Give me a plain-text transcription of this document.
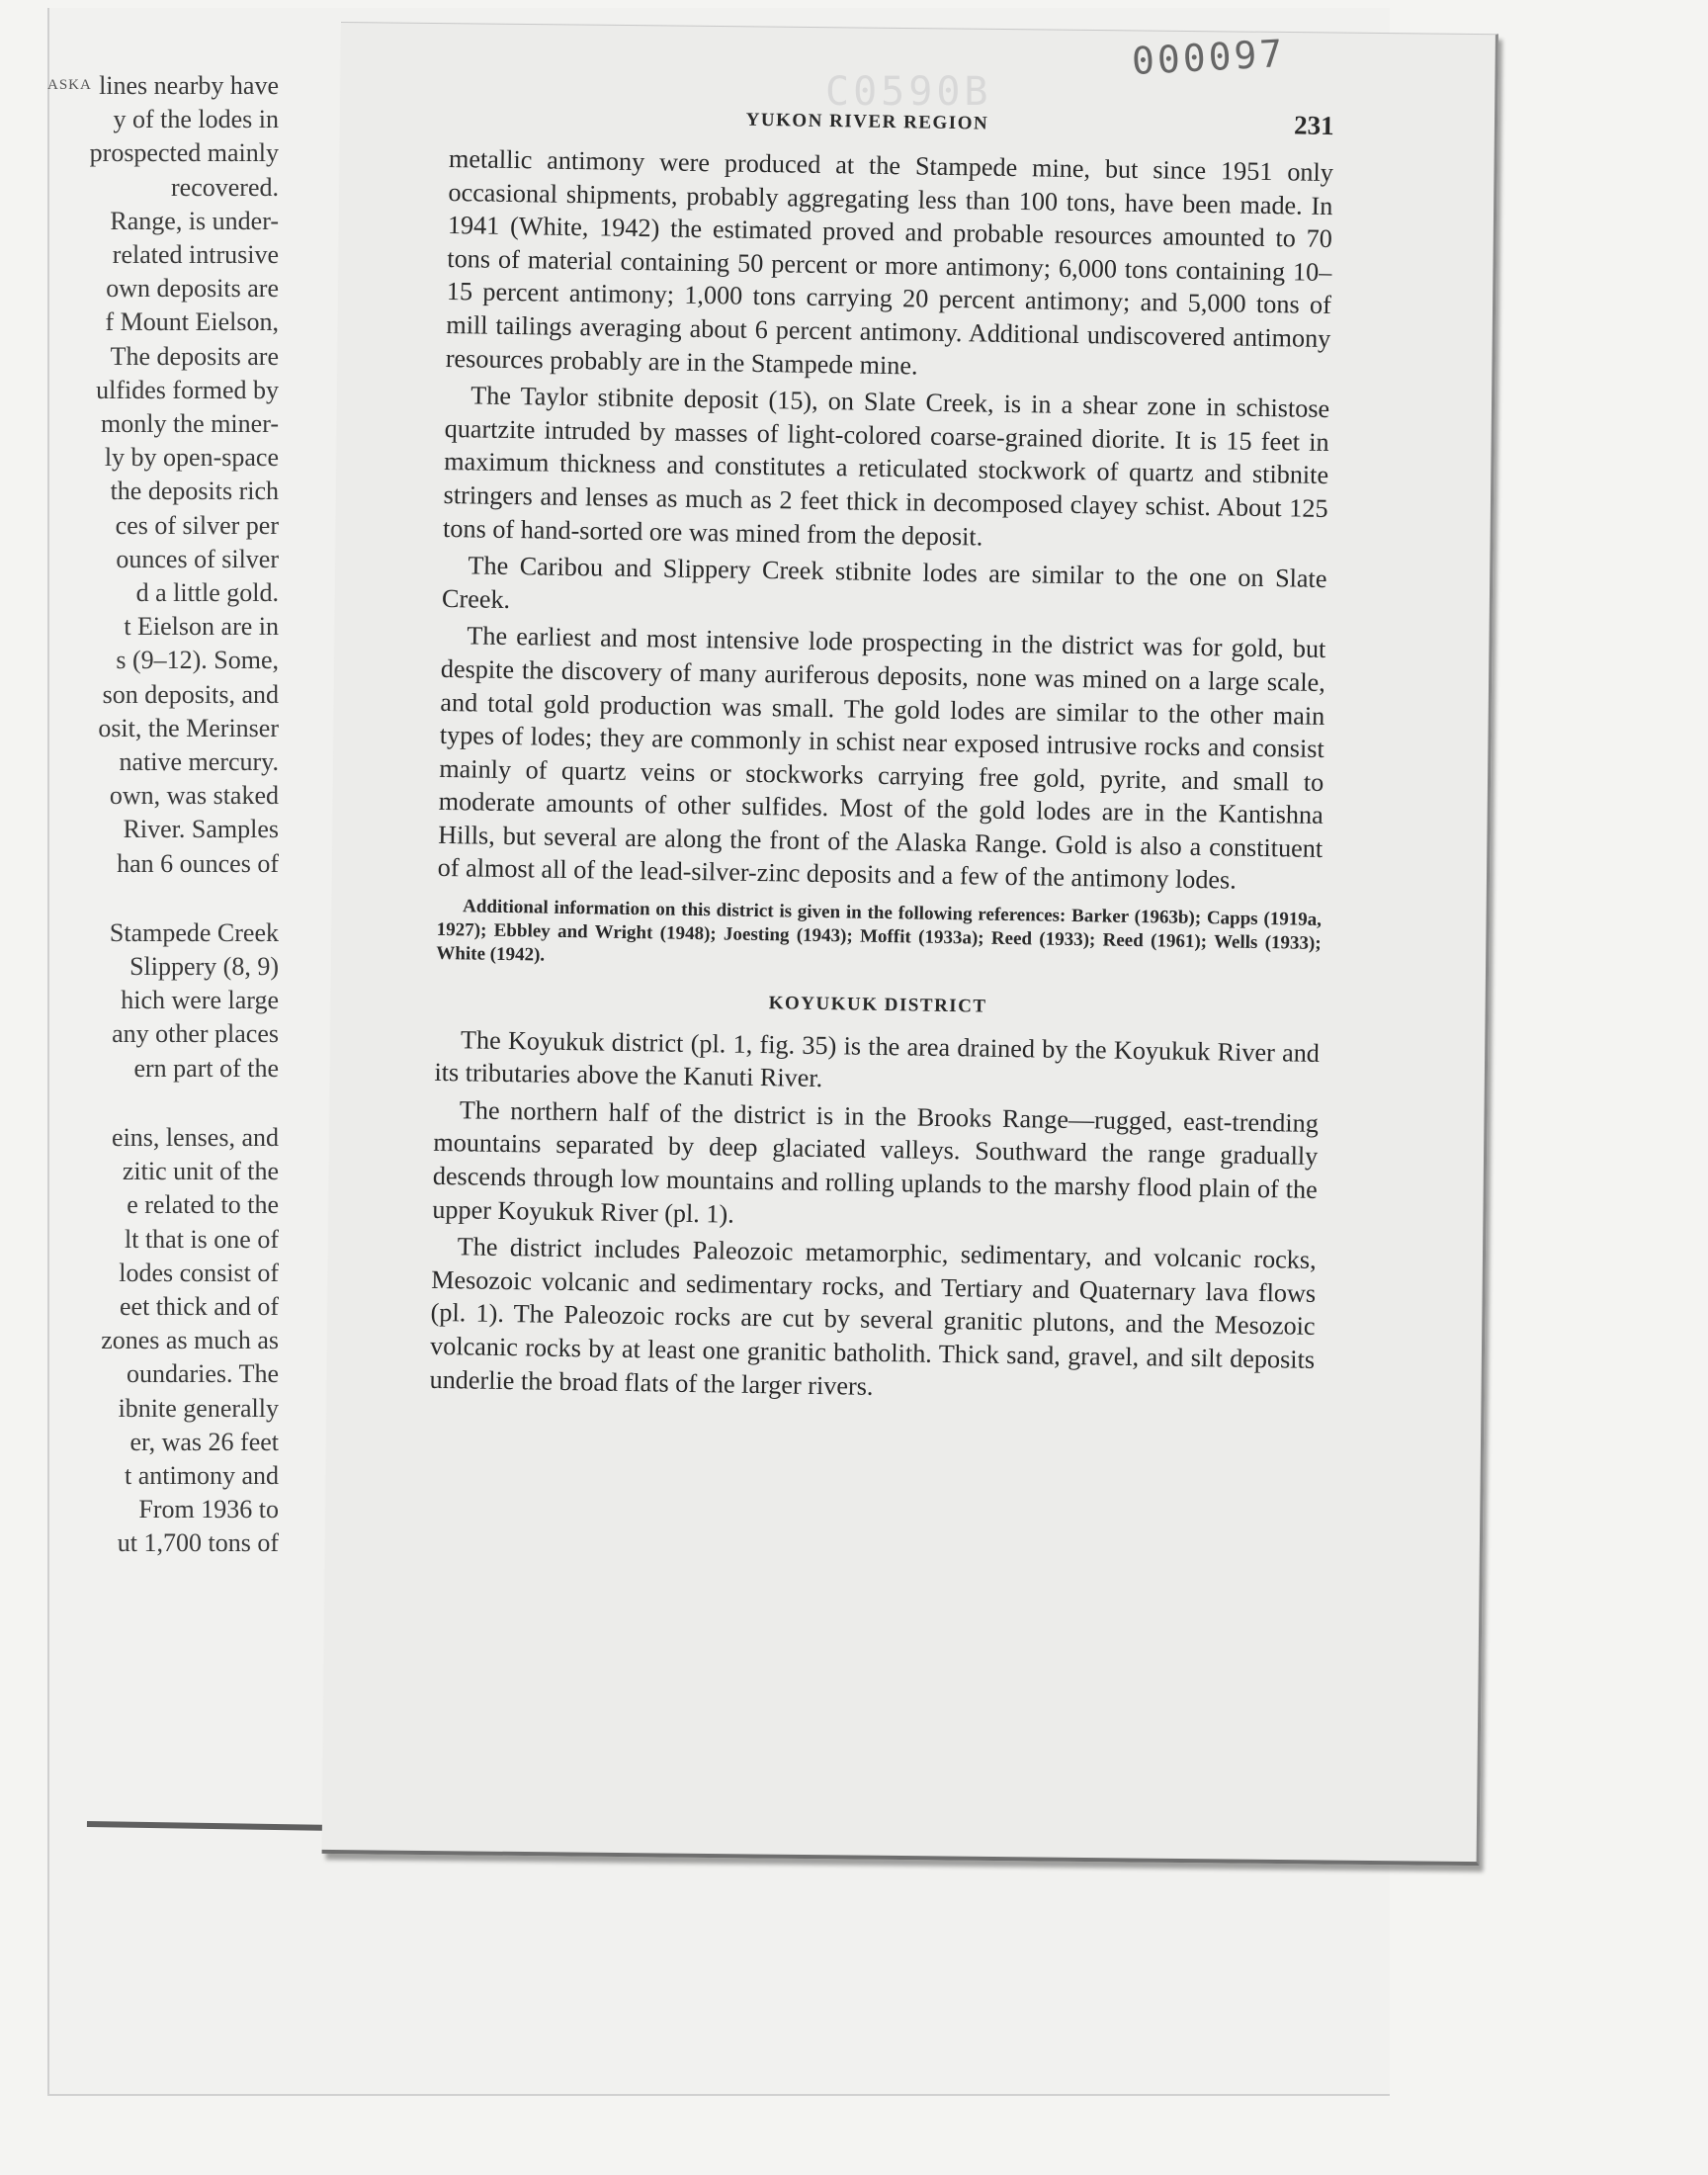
ASKA lines nearby have
y of the lodes in
prospected mainly
recovered.
Range, is under-
related intrusive
own deposits are
f Mount Eielson,
The deposits are
ulfides formed by
monly the miner-
ly by open-space
the deposits rich
ces of silver per
ounces of silver
d a little gold.
t Eielson are in
s (9–12). Some,
son deposits, and
osit, the Merinser
native mercury.
own, was staked
River. Samples
han 6 ounces of
Stampede Creek
Slippery (8, 9)
hich were large
any other places
ern part of the
eins, lenses, and
zitic unit of the
e related to the
lt that is one of
lodes consist of
eet thick and of
zones as much as
oundaries. The
ibnite generally
er, was 26 feet
t antimony and
From 1936 to
ut 1,700 tons of
C0590B
000097
YUKON RIVER REGION	231

metallic antimony were produced at the Stampede mine, but since 1951 only occasional shipments, probably aggregating less than 100 tons, have been made. In 1941 (White, 1942) the estimated proved and probable resources amounted to 70 tons of material containing 50 percent or more antimony; 6,000 tons containing 10–15 percent antimony; 1,000 tons carrying 20 percent antimony; and 5,000 tons of mill tailings averaging about 6 percent antimony. Additional undiscovered antimony resources probably are in the Stampede mine.

The Taylor stibnite deposit (15), on Slate Creek, is in a shear zone in schistose quartzite intruded by masses of light-colored coarse-grained diorite. It is 15 feet in maximum thickness and constitutes a reticulated stockwork of quartz and stibnite stringers and lenses as much as 2 feet thick in decomposed clayey schist. About 125 tons of hand-sorted ore was mined from the deposit.

The Caribou and Slippery Creek stibnite lodes are similar to the one on Slate Creek.

The earliest and most intensive lode prospecting in the district was for gold, but despite the discovery of many auriferous deposits, none was mined on a large scale, and total gold production was small. The gold lodes are similar to the other main types of lodes; they are commonly in schist near exposed intrusive rocks and consist mainly of quartz veins or stockworks carrying free gold, pyrite, and small to moderate amounts of other sulfides. Most of the gold lodes are in the Kantishna Hills, but several are along the front of the Alaska Range. Gold is also a constituent of almost all of the lead-silver-zinc deposits and a few of the antimony lodes.

Additional information on this district is given in the following references: Barker (1963b); Capps (1919a, 1927); Ebbley and Wright (1948); Joesting (1943); Moffit (1933a); Reed (1933); Reed (1961); Wells (1933); White (1942).
KOYUKUK DISTRICT

The Koyukuk district (pl. 1, fig. 35) is the area drained by the Koyukuk River and its tributaries above the Kanuti River.

The northern half of the district is in the Brooks Range—rugged, east-trending mountains separated by deep glaciated valleys. Southward the range gradually descends through low mountains and rolling uplands to the marshy flood plain of the upper Koyukuk River (pl. 1).

The district includes Paleozoic metamorphic, sedimentary, and volcanic rocks, Mesozoic volcanic and sedimentary rocks, and Tertiary and Quaternary lava flows (pl. 1). The Paleozoic rocks are cut by several granitic plutons, and the Mesozoic volcanic rocks by at least one granitic batholith. Thick sand, gravel, and silt deposits underlie the broad flats of the larger rivers.
